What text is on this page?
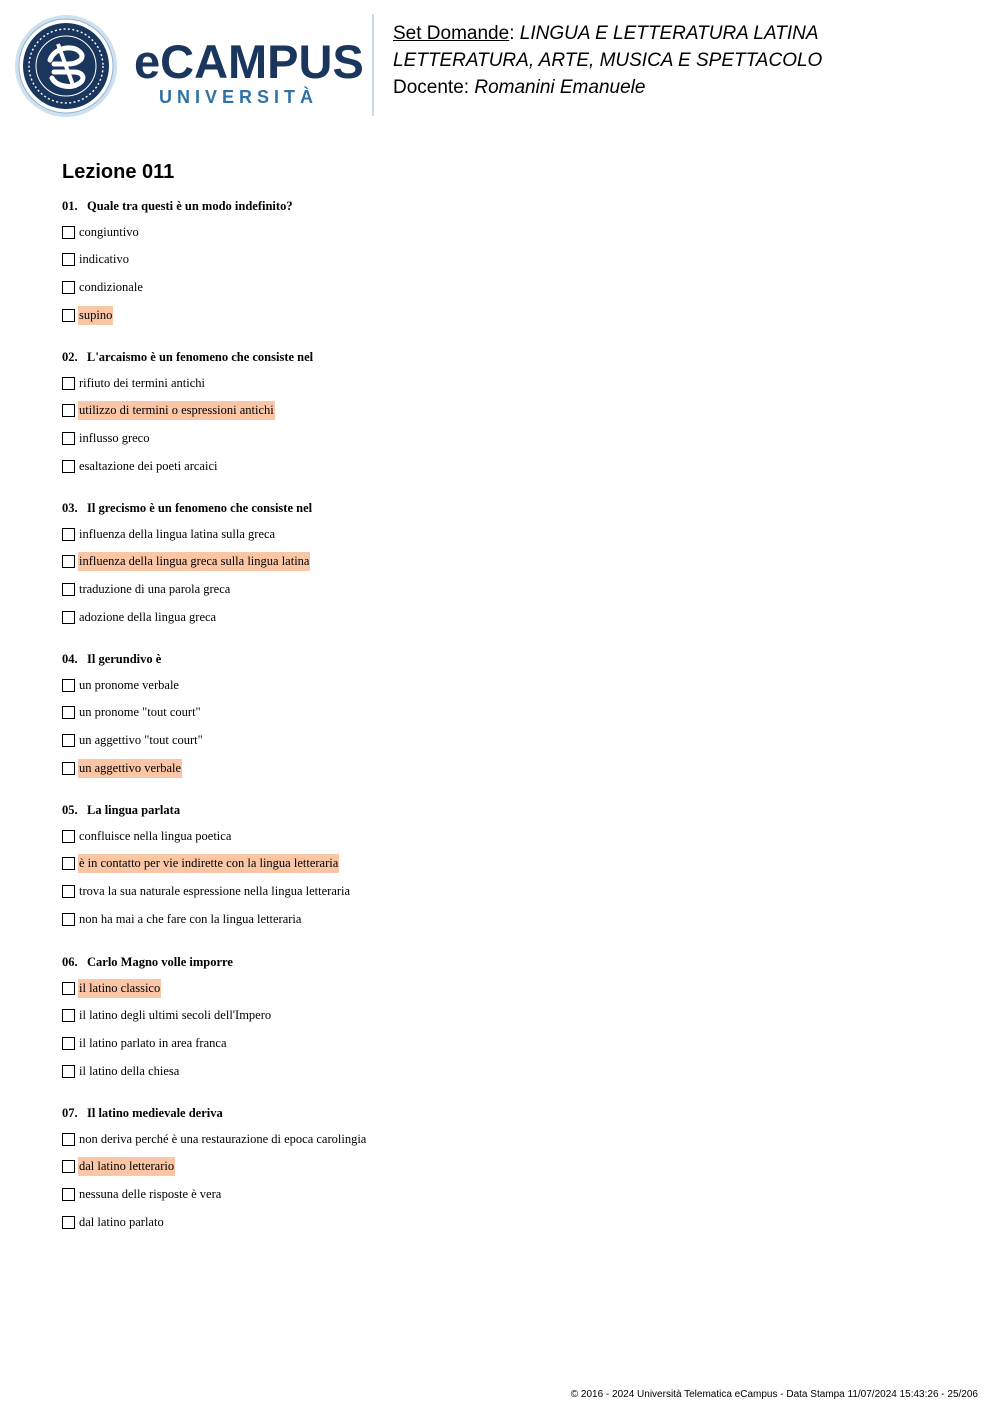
eCAMPUS
UNIVERSITÀ
Set Domande: LINGUA E LETTERATURA LATINA
LETTERATURA, ARTE, MUSICA E SPETTACOLO
Docente: Romanini Emanuele
Lezione 011
01. Quale tra questi è un modo indefinito?
congiuntivo
indicativo
condizionale
supino
02. L'arcaismo è un fenomeno che consiste nel
rifiuto dei termini antichi
utilizzo di termini o espressioni antichi
influsso greco
esaltazione dei poeti arcaici
03. Il grecismo è un fenomeno che consiste nel
influenza della lingua latina sulla greca
influenza della lingua greca sulla lingua latina
traduzione di una parola greca
adozione della lingua greca
04. Il gerundivo è
un pronome verbale
un pronome "tout court"
un aggettivo "tout court"
un aggettivo verbale
05. La lingua parlata
confluisce nella lingua poetica
è in contatto per vie indirette con la lingua letteraria
trova la sua naturale espressione nella lingua letteraria
non ha mai a che fare con la lingua letteraria
06. Carlo Magno volle imporre
il latino classico
il latino degli ultimi secoli dell'Impero
il latino parlato in area franca
il latino della chiesa
07. Il latino medievale deriva
non deriva perché è una restaurazione di epoca carolingia
dal latino letterario
nessuna delle risposte è vera
dal latino parlato
© 2016 - 2024 Università Telematica eCampus - Data Stampa 11/07/2024 15:43:26 - 25/206
